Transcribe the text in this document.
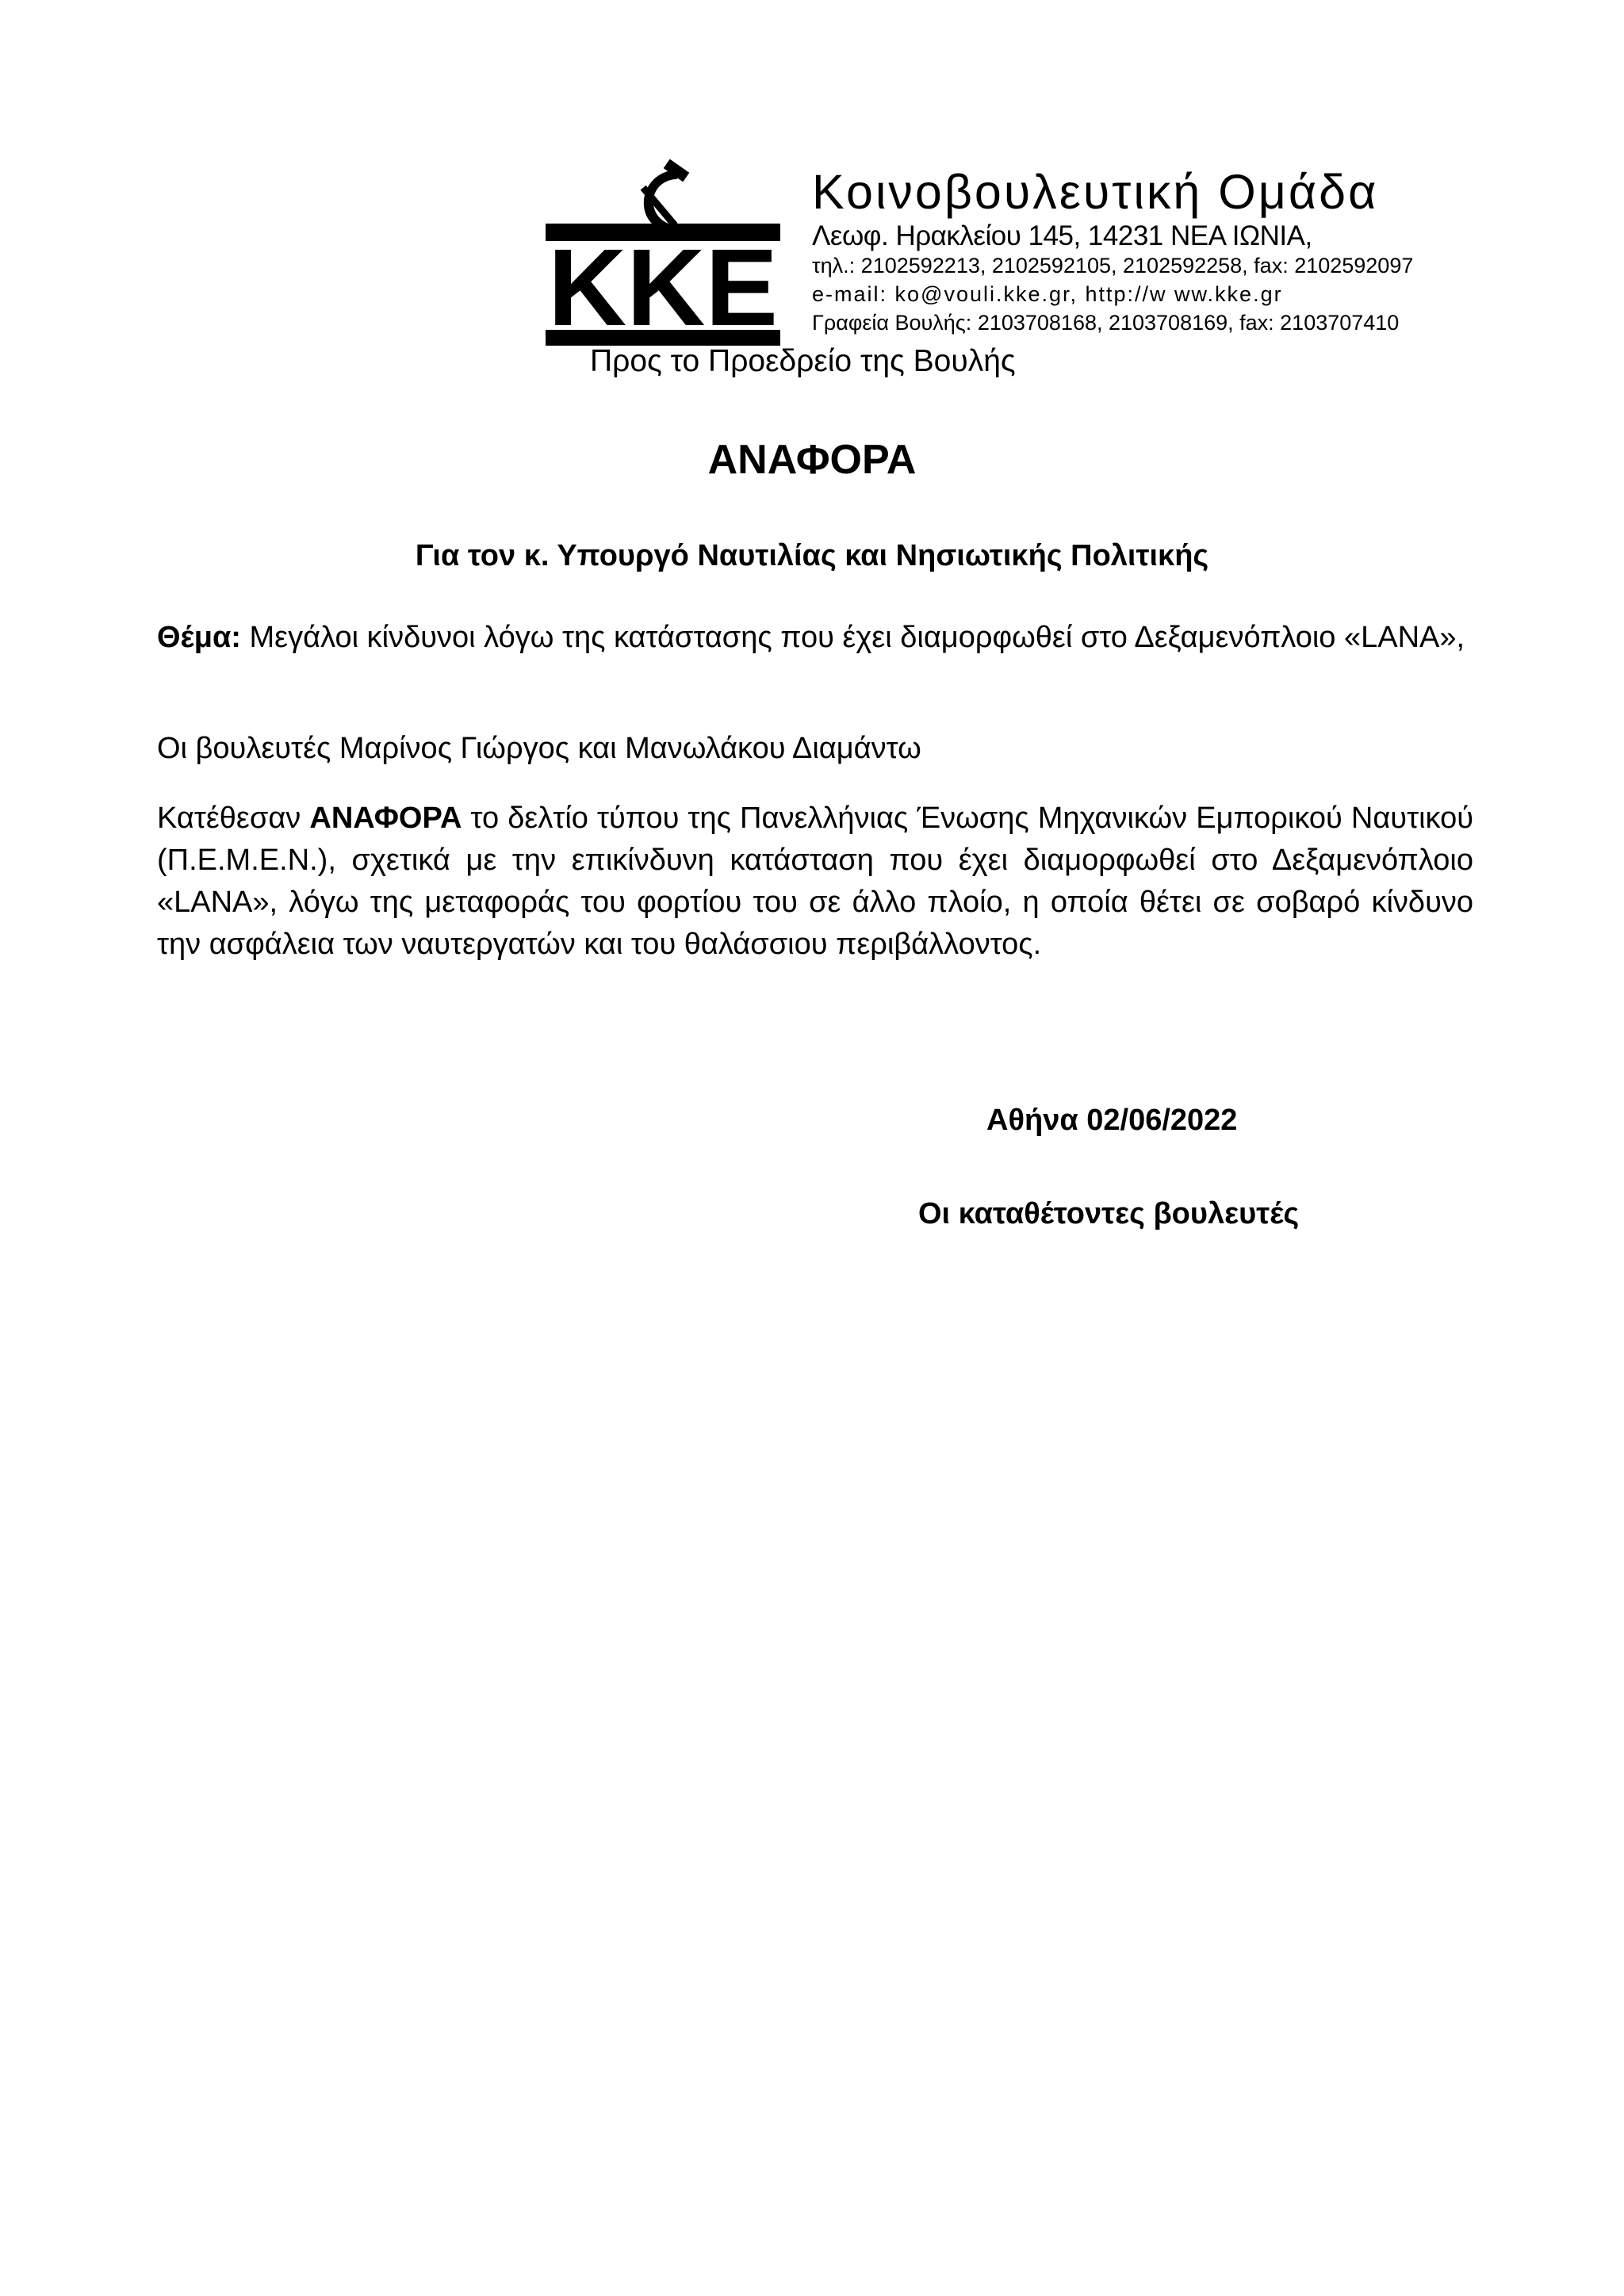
KKE
Κοινοβουλευτική Ομάδα
Λεωφ. Ηρακλείου 145, 14231 ΝΕΑ ΙΩΝΙΑ,
τηλ.: 2102592213, 2102592105, 2102592258, fax: 2102592097
e-mail: ko@vouli.kke.gr, http://w ww.kke.gr
Γραφεία Βουλής: 2103708168, 2103708169, fax: 2103707410
Προς το Προεδρείο της Βουλής
ΑΝΑΦΟΡΑ
Για τον κ. Υπουργό Ναυτιλίας και Νησιωτικής Πολιτικής
Θέμα: Μεγάλοι κίνδυνοι λόγω της κατάστασης που έχει διαμορφωθεί στο Δεξαμενόπλοιο «LANA»,
Οι βουλευτές Μαρίνος Γιώργος και Μανωλάκου Διαμάντω
Κατέθεσαν ΑΝΑΦΟΡΑ το δελτίο τύπου της Πανελλήνιας Ένωσης Μηχανικών Εμπορικού Ναυτικού (Π.Ε.Μ.Ε.Ν.), σχετικά με την επικίνδυνη κατάσταση που έχει διαμορφωθεί στο Δεξαμενόπλοιο «LANA», λόγω της μεταφοράς του φορτίου του σε άλλο πλοίο, η οποία θέτει σε σοβαρό κίνδυνο την ασφάλεια των ναυτεργατών και του θαλάσσιου περιβάλλοντος.
Αθήνα 02/06/2022
Οι καταθέτοντες βουλευτές
